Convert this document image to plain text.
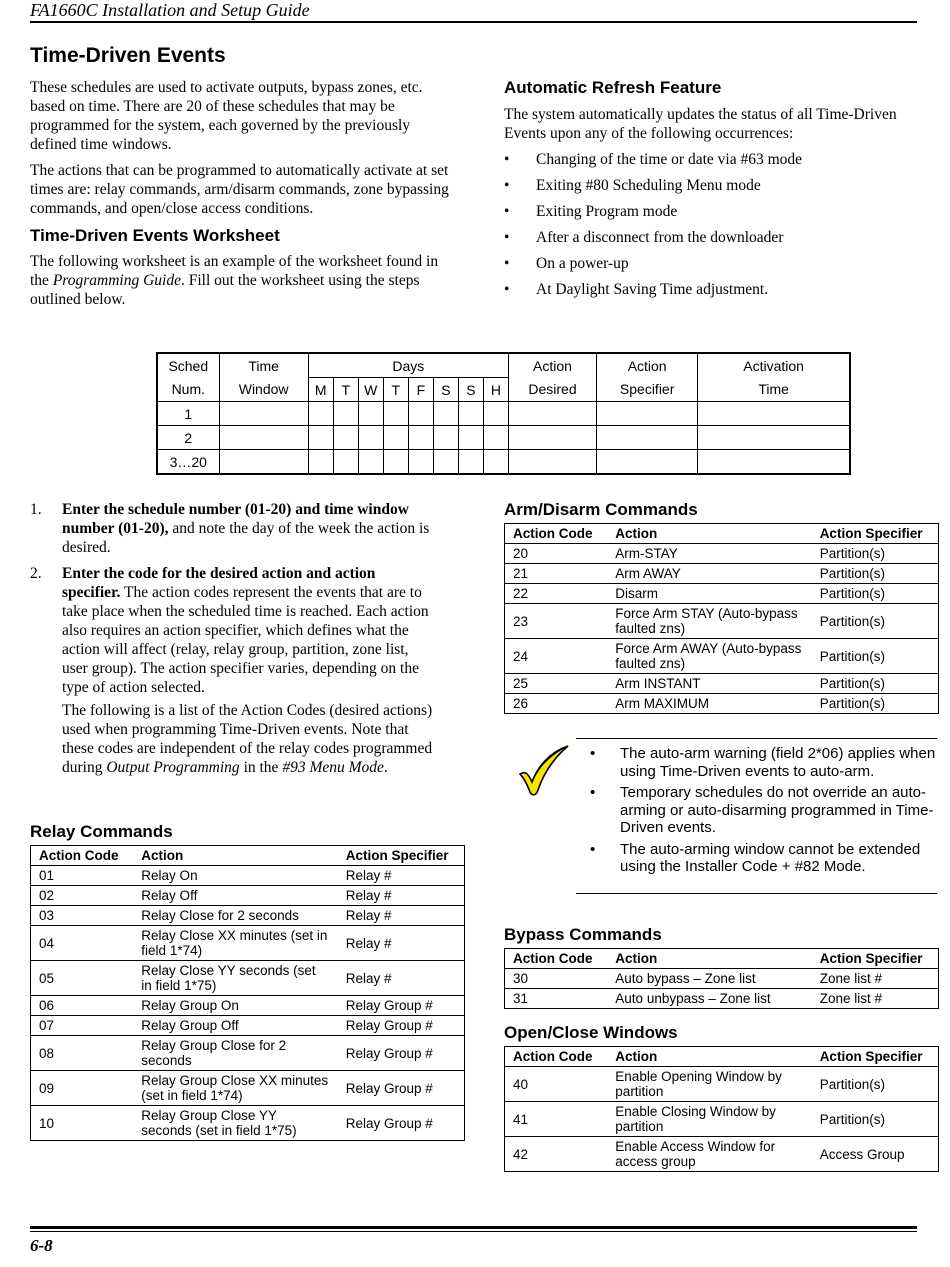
FA1660C Installation and Setup Guide
Time-Driven Events

These schedules are used to activate outputs, bypass zones, etc. based on time. There are 20 of these schedules that may be programmed for the system, each governed by the previously defined time windows.

The actions that can be programmed to automatically activate at set times are: relay commands, arm/disarm commands, zone bypassing commands, and open/close access conditions.

Time-Driven Events Worksheet

The following worksheet is an example of the worksheet found in the Programming Guide. Fill out the worksheet using the steps outlined below.

Automatic Refresh Feature

The system automatically updates the status of all Time-Driven Events upon any of the following occurrences:

• Changing of the time or date via #63 mode
• Exiting #80 Scheduling Menu mode
• Exiting Program mode
• After a disconnect from the downloader
• On a power-up
• At Daylight Saving Time adjustment.
Sched	Time	Days								Action	Action	Activation
Num.	Window	M	T	W	T	F	S	S	H	Desired	Specifier	Time
1												
2												
3…20												
1. Enter the schedule number (01-20) and time window number (01-20), and note the day of the week the action is desired.
2. Enter the code for the desired action and action specifier. The action codes represent the events that are to take place when the scheduled time is reached. Each action also requires an action specifier, which defines what the action will affect (relay, relay group, partition, zone list, user group). The action specifier varies, depending on the type of action selected.

The following is a list of the Action Codes (desired actions) used when programming Time-Driven events. Note that these codes are independent of the relay codes programmed during Output Programming in the #93 Menu Mode.

Relay Commands
Action Code	Action	Action Specifier
01	Relay On	Relay #
02	Relay Off	Relay #
03	Relay Close for 2 seconds	Relay #
04	Relay Close XX minutes (set in field 1*74)	Relay #
05	Relay Close YY seconds (set in field 1*75)	Relay #
06	Relay Group On	Relay Group #
07	Relay Group Off	Relay Group #
08	Relay Group Close for 2 seconds	Relay Group #
09	Relay Group Close XX minutes (set in field 1*74)	Relay Group #
10	Relay Group Close YY seconds (set in field 1*75)	Relay Group #
Arm/Disarm Commands
Action Code	Action	Action Specifier
20	Arm-STAY	Partition(s)
21	Arm AWAY	Partition(s)
22	Disarm	Partition(s)
23	Force Arm STAY (Auto-bypass faulted zns)	Partition(s)
24	Force Arm AWAY (Auto-bypass faulted zns)	Partition(s)
25	Arm INSTANT	Partition(s)
26	Arm MAXIMUM	Partition(s)
• The auto-arm warning (field 2*06) applies when using Time-Driven events to auto-arm.
• Temporary schedules do not override an auto-arming or auto-disarming programmed in Time-Driven events.
• The auto-arming window cannot be extended using the Installer Code + #82 Mode.
Bypass Commands
Action Code	Action	Action Specifier
30	Auto bypass – Zone list	Zone list #
31	Auto unbypass – Zone list	Zone list #
Open/Close Windows
Action Code	Action	Action Specifier
40	Enable Opening Window by partition	Partition(s)
41	Enable Closing Window by partition	Partition(s)
42	Enable Access Window for access group	Access Group
6-8
